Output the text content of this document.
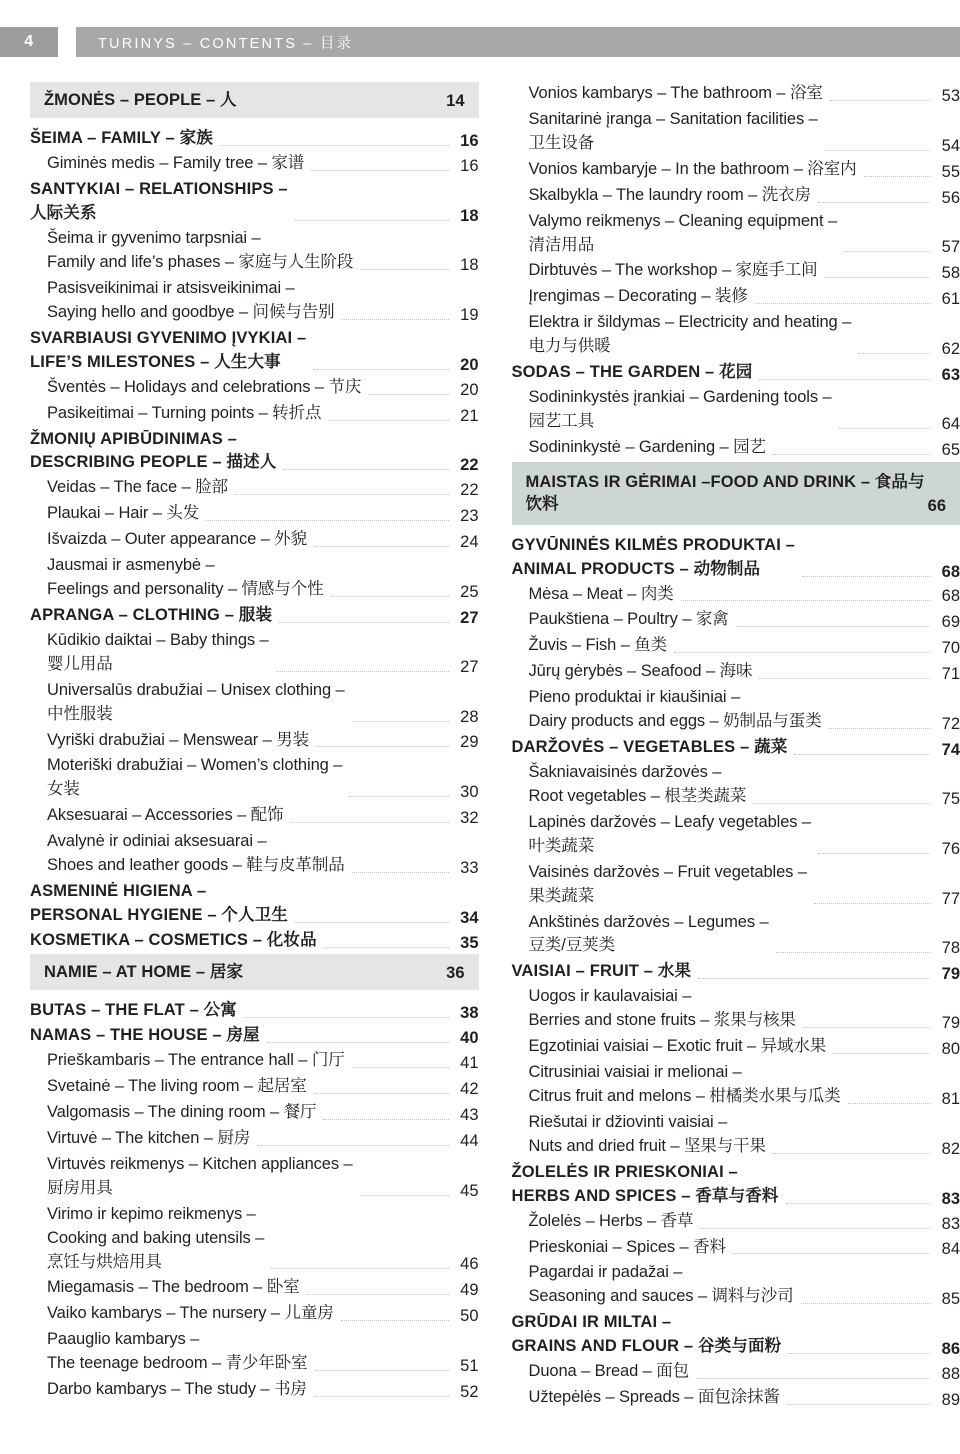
4	TURINYS – CONTENTS – 目录
ŽMONĖS – PEOPLE – 人	14
ŠEIMA – FAMILY – 家族	16
Giminės medis – Family tree – 家谱	16
SANTYKIAI – RELATIONSHIPS –
人际关系	18
Šeima ir gyvenimo tarpsniai –
Family and life’s phases – 家庭与人生阶段	18
Pasisveikinimai ir atsisveikinimai –
Saying hello and goodbye – 问候与告别	19
SVARBIAUSI GYVENIMO ĮVYKIAI –
LIFE’S MILESTONES – 人生大事	20
Šventės – Holidays and celebrations – 节庆	20
Pasikeitimai – Turning points – 转折点	21
ŽMONIŲ APIBŪDINIMAS –
DESCRIBING PEOPLE – 描述人	22
Veidas – The face – 脸部	22
Plaukai – Hair – 头发	23
Išvaizda – Outer appearance – 外貌	24
Jausmai ir asmenybė –
Feelings and personality – 情感与个性	25
APRANGA – CLOTHING – 服装	27
Kūdikio daiktai – Baby things –
婴儿用品	27
Universalūs drabužiai – Unisex clothing –
中性服装	28
Vyriški drabužiai – Menswear – 男装	29
Moteriški drabužiai – Women’s clothing –
女装	30
Aksesuarai – Accessories – 配饰	32
Avalynė ir odiniai aksesuarai –
Shoes and leather goods – 鞋与皮革制品	33
ASMENINĖ HIGIENA –
PERSONAL HYGIENE – 个人卫生	34
KOSMETIKA – COSMETICS – 化妆品	35
NAMIE – AT HOME – 居家	36
BUTAS – THE FLAT – 公寓	38
NAMAS – THE HOUSE – 房屋	40
Prieškambaris – The entrance hall – 门厅	41
Svetainė – The living room – 起居室	42
Valgomasis – The dining room – 餐厅	43
Virtuvė – The kitchen – 厨房	44
Virtuvės reikmenys – Kitchen appliances –
厨房用具	45
Virimo ir kepimo reikmenys –
Cooking and baking utensils –
烹饪与烘焙用具	46
Miegamasis – The bedroom – 卧室	49
Vaiko kambarys – The nursery – 儿童房	50
Paauglio kambarys –
The teenage bedroom – 青少年卧室	51
Darbo kambarys – The study – 书房	52
Vonios kambarys – The bathroom – 浴室	53
Sanitarinė įranga – Sanitation facilities –
卫生设备	54
Vonios kambaryje – In the bathroom – 浴室内	55
Skalbykla – The laundry room – 洗衣房	56
Valymo reikmenys – Cleaning equipment –
清洁用品	57
Dirbtuvės – The workshop – 家庭手工间	58
Įrengimas – Decorating – 装修	61
Elektra ir šildymas – Electricity and heating –
电力与供暖	62
SODAS – THE GARDEN – 花园	63
Sodininkystės įrankiai – Gardening tools –
园艺工具	64
Sodininkystė – Gardening – 园艺	65
MAISTAS IR GĖRIMAI –FOOD AND DRINK – 食品与饮料	66
GYVŪNINĖS KILMĖS PRODUKTAI –
ANIMAL PRODUCTS – 动物制品	68
Mėsa – Meat – 肉类	68
Paukštiena – Poultry – 家禽	69
Žuvis – Fish – 鱼类	70
Jūrų gėrybės – Seafood – 海味	71
Pieno produktai ir kiaušiniai –
Dairy products and eggs – 奶制品与蛋类	72
DARŽOVĖS – VEGETABLES – 蔬菜	74
Šakniavaisinės daržovės –
Root vegetables – 根茎类蔬菜	75
Lapinės daržovės – Leafy vegetables –
叶类蔬菜	76
Vaisinės daržovės – Fruit vegetables –
果类蔬菜	77
Ankštinės daržovės – Legumes –
豆类/豆荚类	78
VAISIAI – FRUIT – 水果	79
Uogos ir kaulavaisiai –
Berries and stone fruits – 浆果与核果	79
Egzotiniai vaisiai – Exotic fruit – 异域水果	80
Citrusiniai vaisiai ir melionai –
Citrus fruit and melons – 柑橘类水果与瓜类	81
Riešutai ir džiovinti vaisiai –
Nuts and dried fruit – 坚果与干果	82
ŽOLELĖS IR PRIESKONIAI –
HERBS AND SPICES – 香草与香料	83
Žolelės – Herbs – 香草	83
Prieskoniai – Spices – 香料	84
Pagardai ir padažai –
Seasoning and sauces – 调料与沙司	85
GRŪDAI IR MILTAI –
GRAINS AND FLOUR – 谷类与面粉	86
Duona – Bread – 面包	88
Užtepėlės – Spreads – 面包涂抹酱	89
